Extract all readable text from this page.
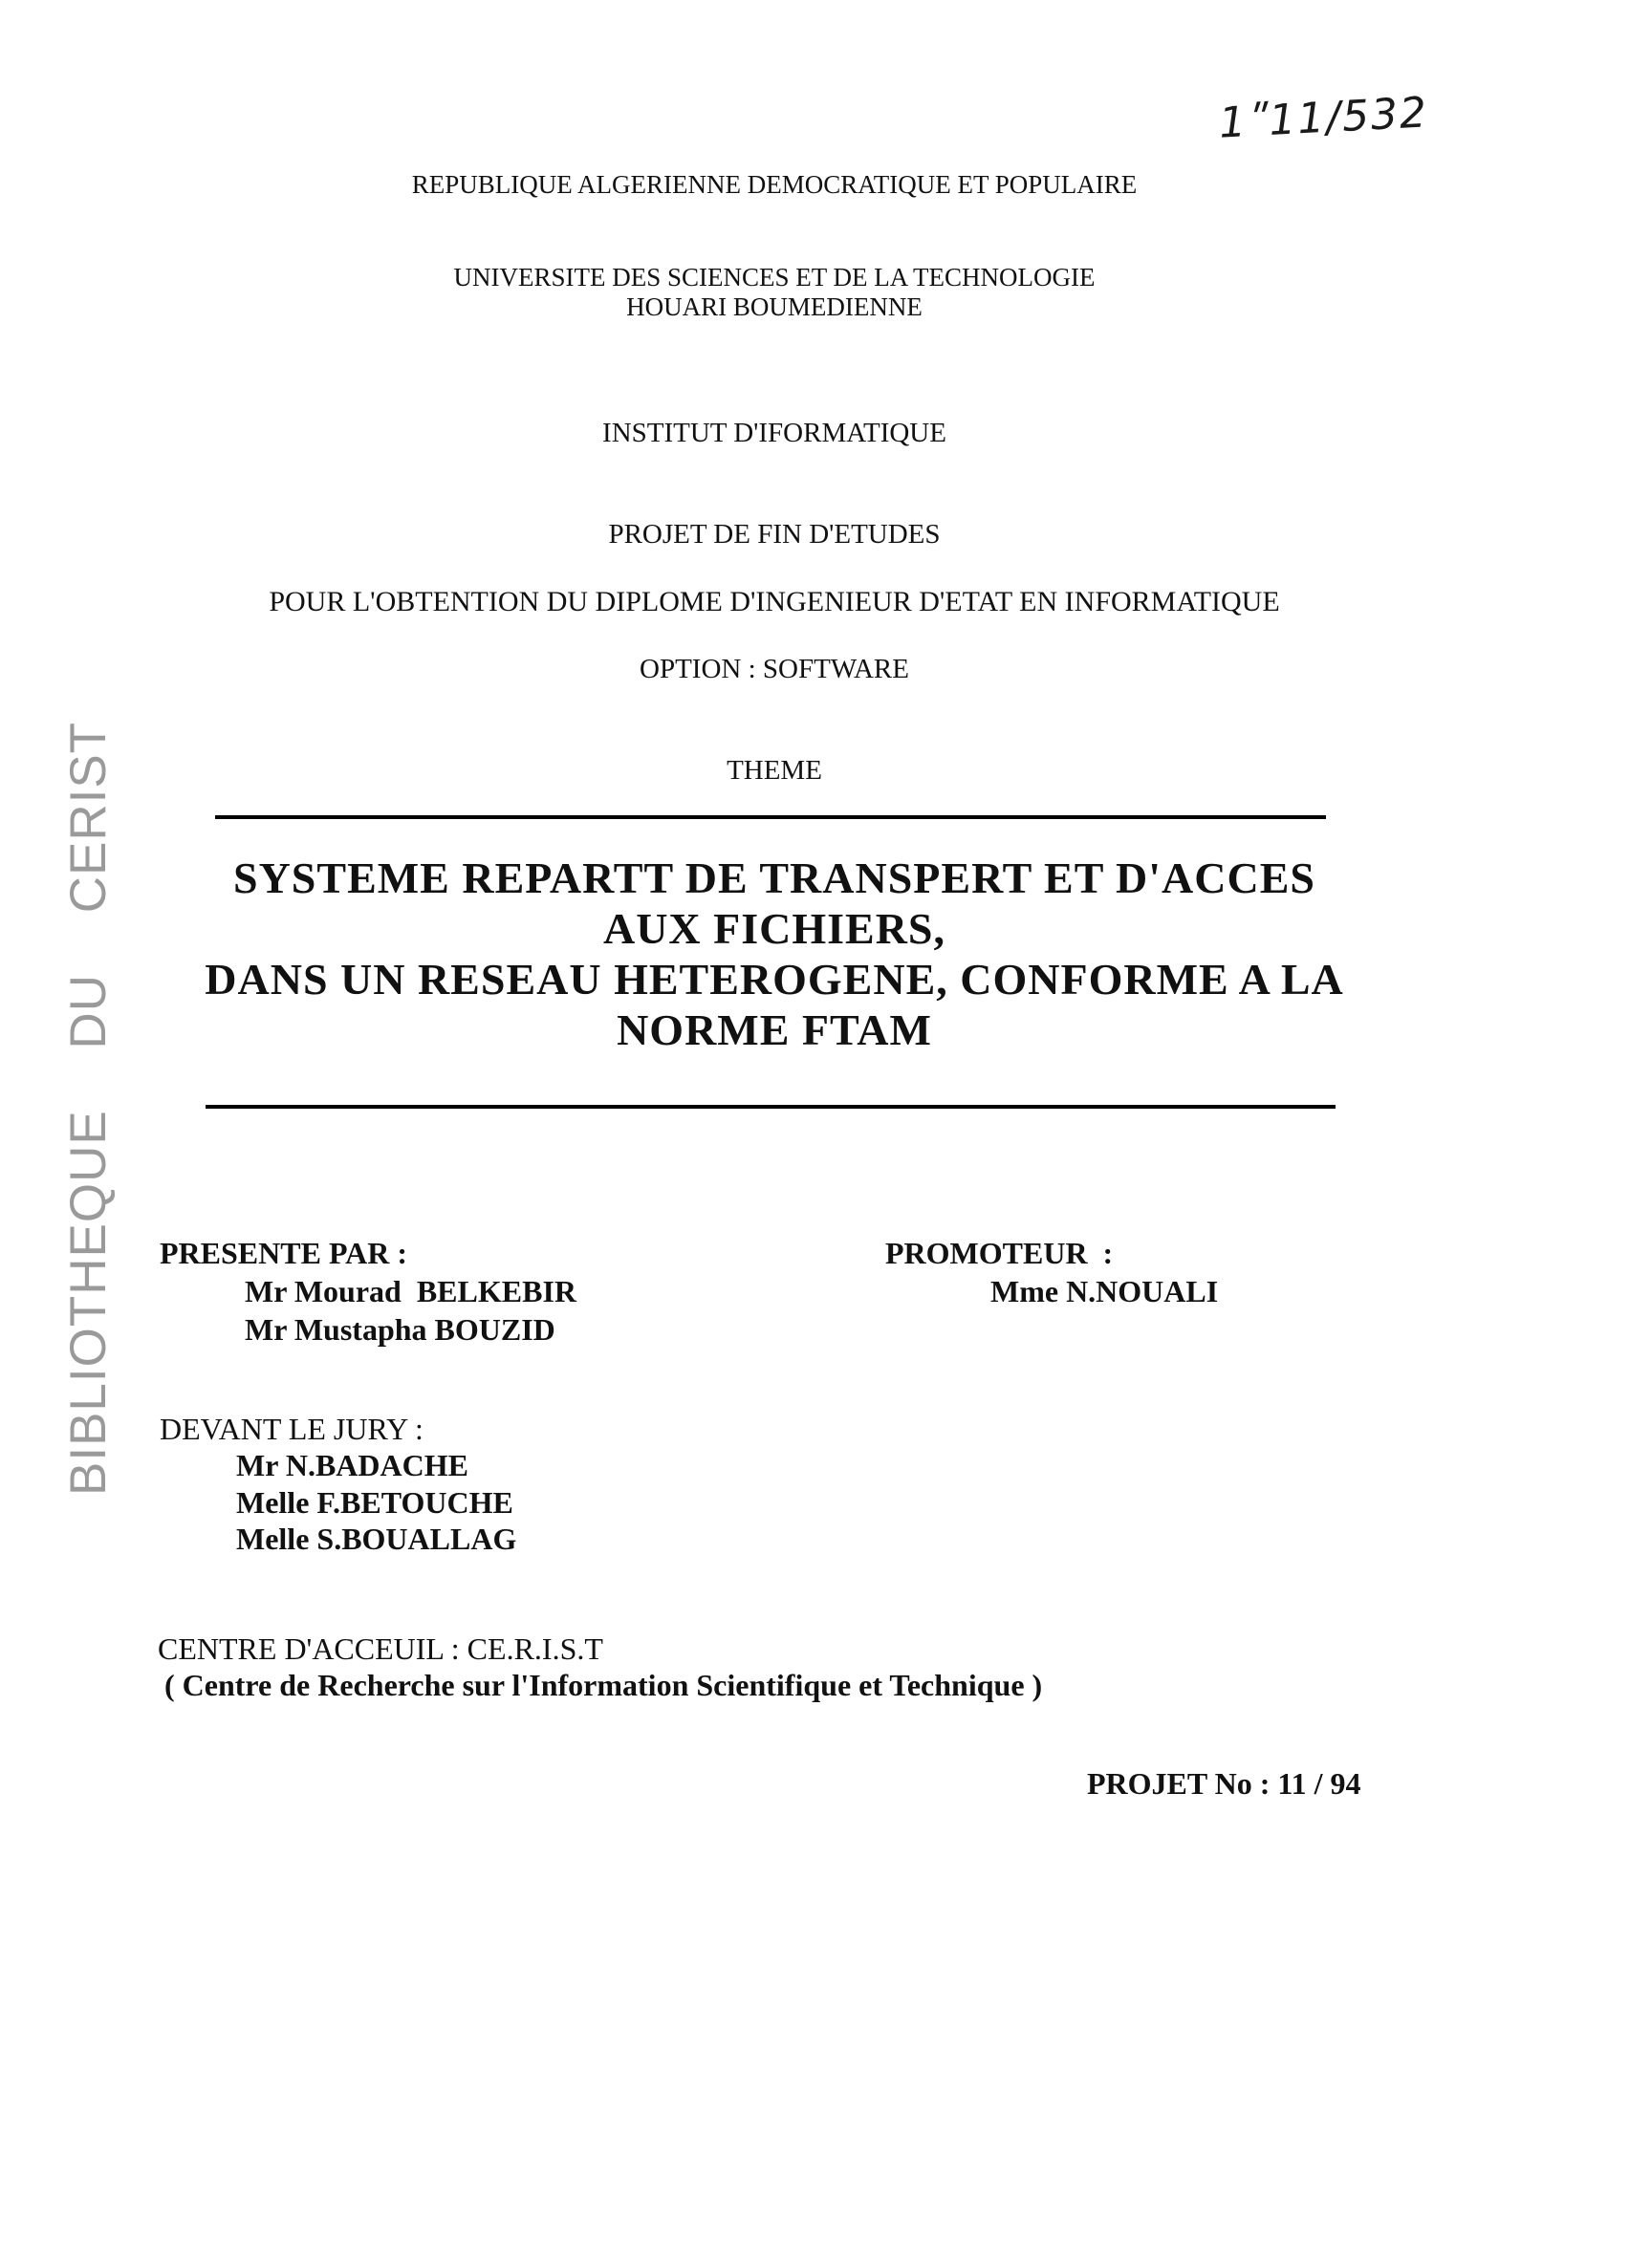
1ʺ11/532
BIBLIOTHEQUE DU CERIST
REPUBLIQUE ALGERIENNE DEMOCRATIQUE ET POPULAIRE
UNIVERSITE DES SCIENCES ET DE LA TECHNOLOGIE
HOUARI BOUMEDIENNE
INSTITUT D'IFORMATIQUE
PROJET DE FIN D'ETUDES
POUR L'OBTENTION DU DIPLOME D'INGENIEUR D'ETAT EN INFORMATIQUE
OPTION : SOFTWARE
THEME
SYSTEME REPARTT DE TRANSPERT ET D'ACCES
AUX FICHIERS,
DANS UN RESEAU HETEROGENE, CONFORME A LA
NORME FTAM
PRESENTE PAR :
Mr Mourad  BELKEBIR
Mr Mustapha BOUZID
PROMOTEUR  :
Mme N.NOUALI
DEVANT LE JURY :
Mr N.BADACHE
Melle F.BETOUCHE
Melle S.BOUALLAG
CENTRE D'ACCEUIL : CE.R.I.S.T
( Centre de Recherche sur l'Information Scientifique et Technique )
PROJET No : 11 / 94
